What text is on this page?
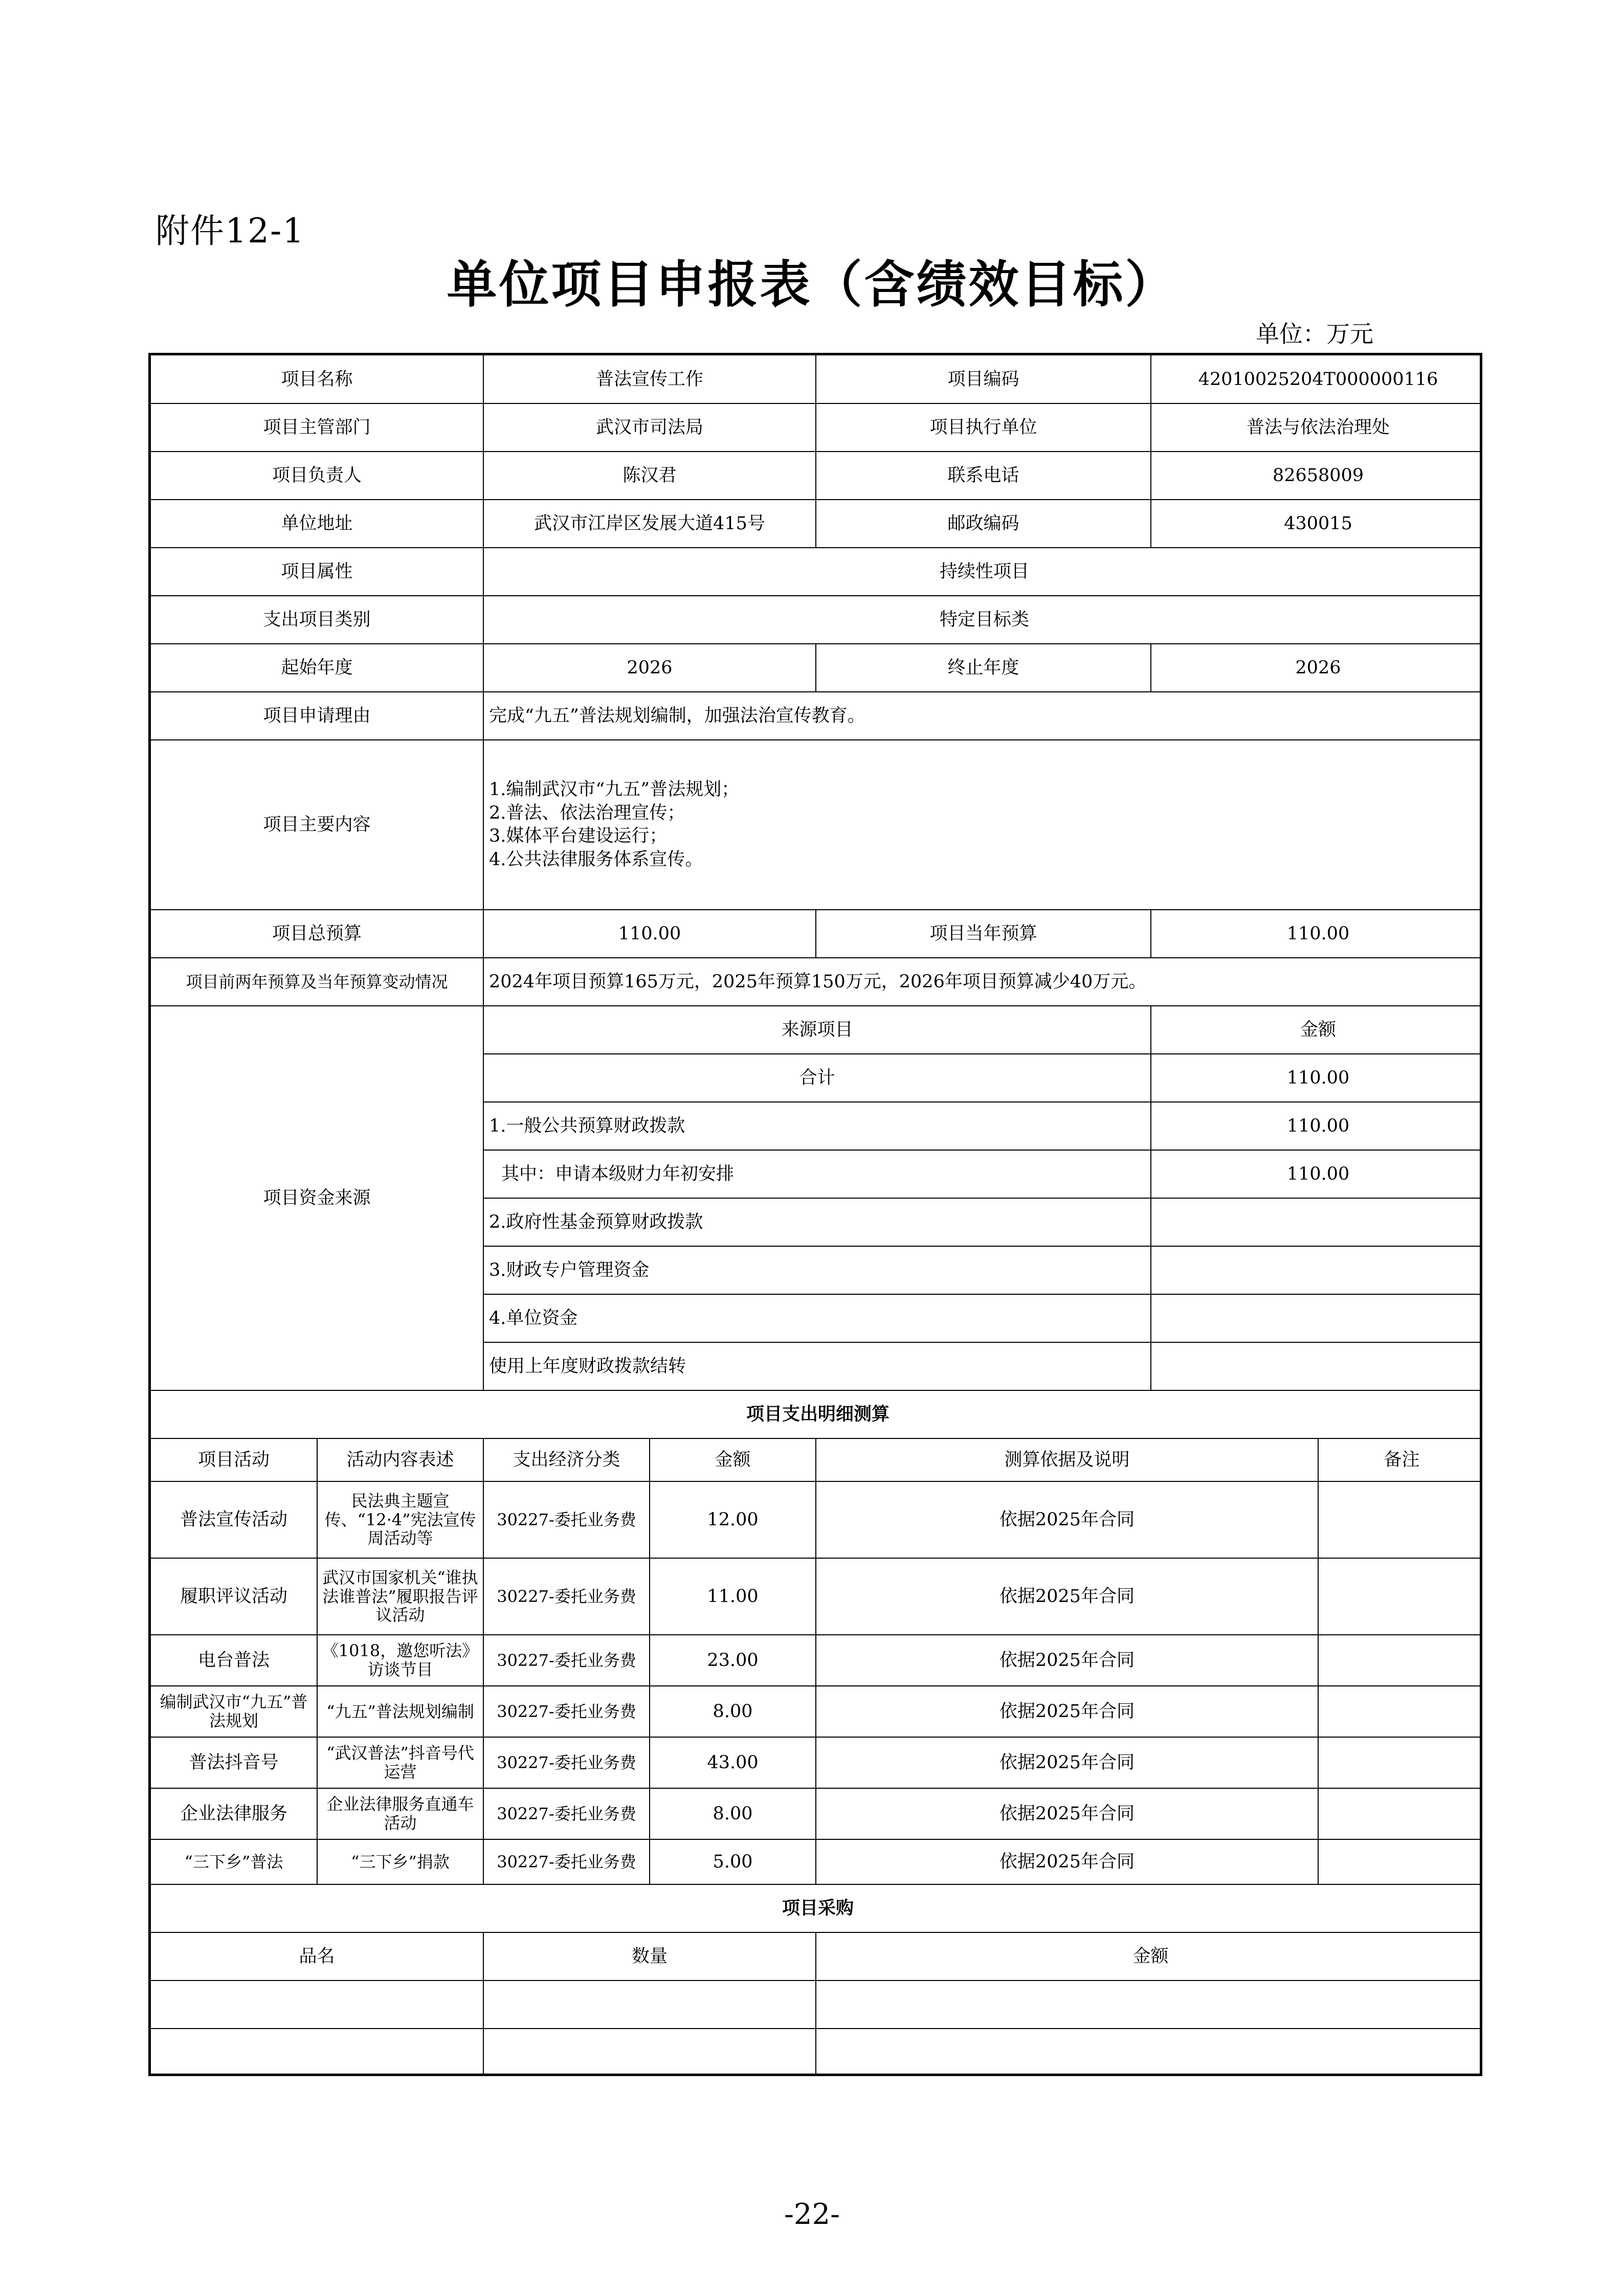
附件12-1
单位项目申报表（含绩效目标）
单位：万元
项目名称		普法宣传工作		项目编码	42010025204T000000116	
项目主管部门		武汉市司法局		项目执行单位	普法与依法治理处	
项目负责人		陈汉君		联系电话	82658009	
单位地址		武汉市江岸区发展大道415号		邮政编码	430015	
项目属性		持续性项目				
支出项目类别		特定目标类				
起始年度		2026		终止年度	2026	
项目申请理由		完成“九五”普法规划编制，加强法治宣传教育。				
项目主要内容		1.编制武汉市“九五”普法规划；
2.普法、依法治理宣传；
3.媒体平台建设运行；
4.公共法律服务体系宣传。				

项目总预算		110.00		项目当年预算	110.00	
项目前两年预算及当年预算变动情况		2024年项目预算165万元，2025年预算150万元，2026年项目预算减少40万元。				
项目资金来源		来源项目			金额	
		合计			110.00	
		1.一般公共预算财政拨款			110.00	
		其中：申请本级财力年初安排			110.00	
		2.政府性基金预算财政拨款				
		3.财政专户管理资金				
		4.单位资金				
		使用上年度财政拨款结转				
项目支出明细测算						
项目活动	活动内容表述	支出经济分类	金额	测算依据及说明		备注
普法宣传活动	民法典主题宣传、“12·4”宪法宣传周活动等	30227-委托业务费	12.00	依据2025年合同		
履职评议活动	武汉市国家机关“谁执法谁普法”履职报告评议活动	30227-委托业务费	11.00	依据2025年合同		
电台普法	《1018，邀您听法》访谈节目	30227-委托业务费	23.00	依据2025年合同		
编制武汉市“九五”普法规划	“九五”普法规划编制	30227-委托业务费	8.00	依据2025年合同		
普法抖音号	“武汉普法”抖音号代运营	30227-委托业务费	43.00	依据2025年合同		
企业法律服务	企业法律服务直通车活动	30227-委托业务费	8.00	依据2025年合同		
“三下乡”普法	“三下乡”捐款	30227-委托业务费	5.00	依据2025年合同		
项目采购						
品名		数量		金额		

-22-
